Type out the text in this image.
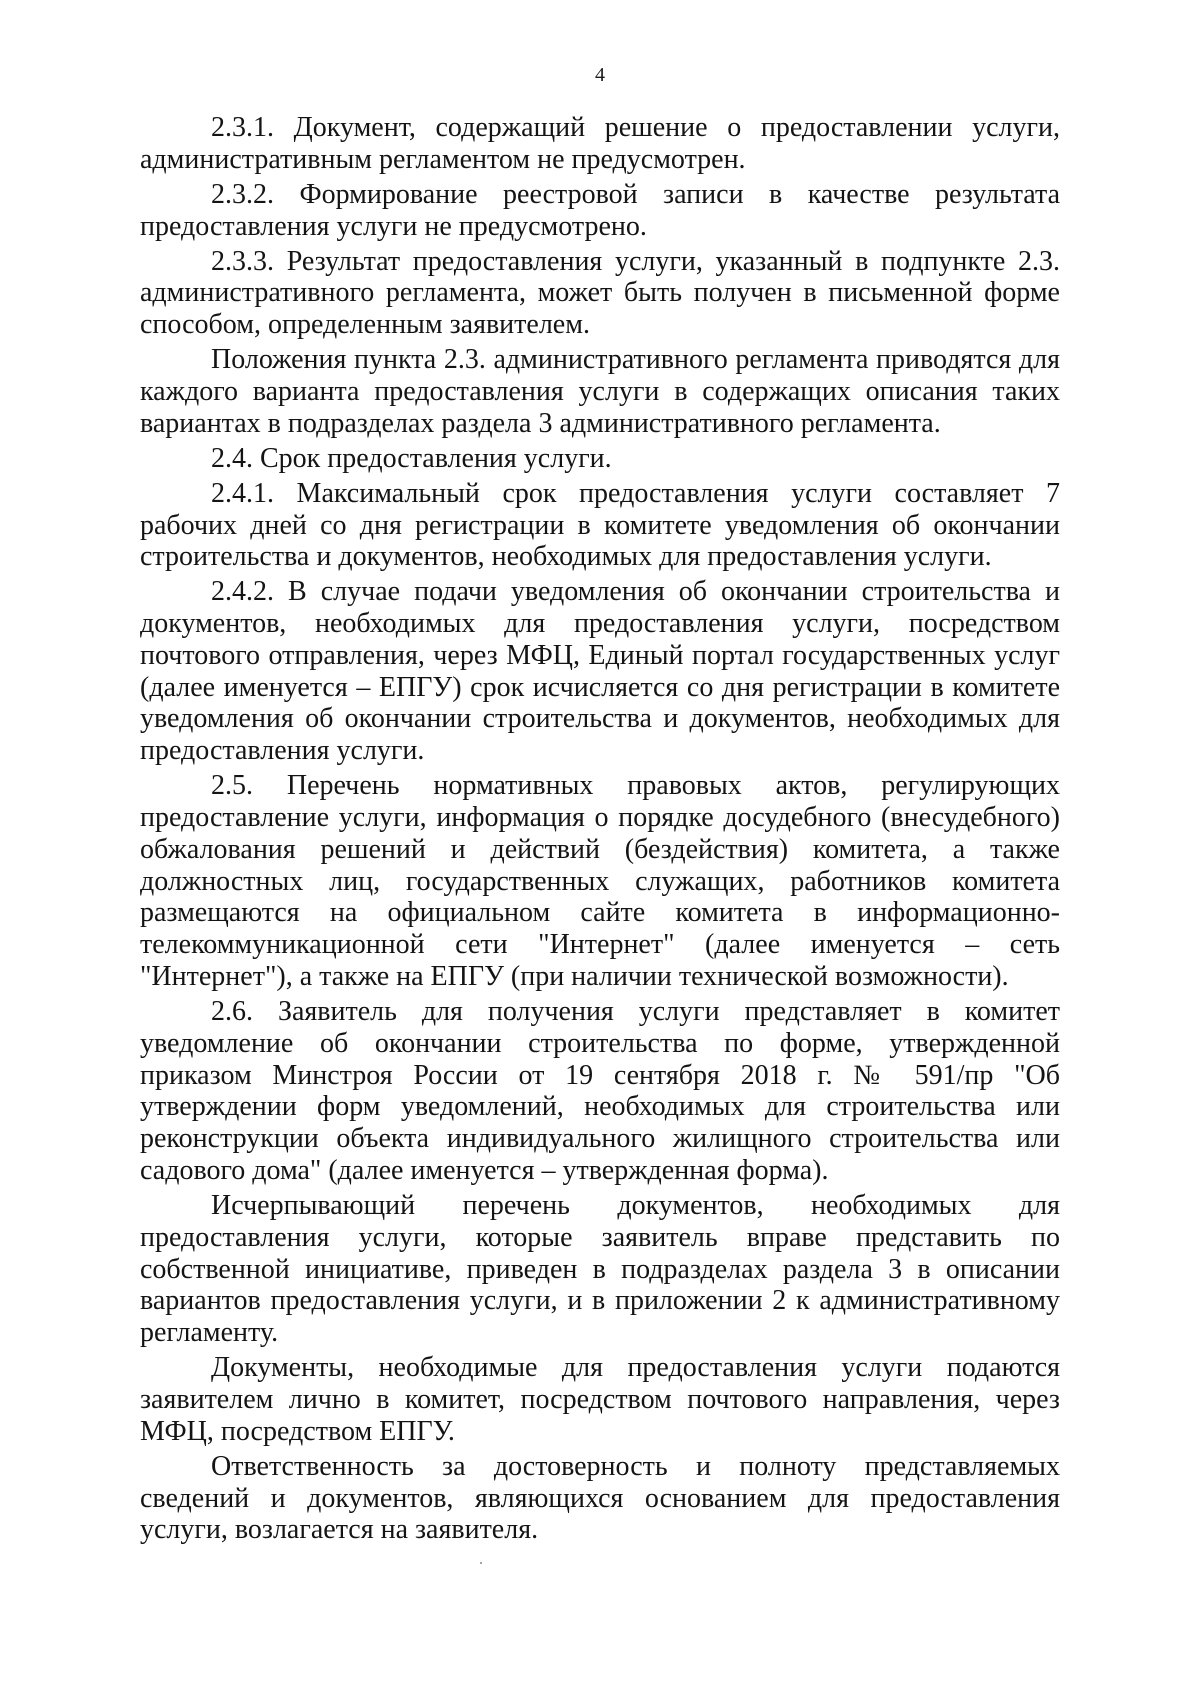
4

2.3.1. Документ, содержащий решение о предоставлении услуги, административным регламентом не предусмотрен.

2.3.2. Формирование реестровой записи в качестве результата предоставления услуги не предусмотрено.

2.3.3. Результат предоставления услуги, указанный в подпункте 2.3. административного регламента, может быть получен в письменной форме способом, определенным заявителем.

Положения пункта 2.3. административного регламента приводятся для каждого варианта предоставления услуги в содержащих описания таких вариантах в подразделах раздела 3 административного регламента.

2.4. Срок предоставления услуги.

2.4.1. Максимальный срок предоставления услуги составляет 7 рабочих дней со дня регистрации в комитете уведомления об окончании строительства и документов, необходимых для предоставления услуги.

2.4.2. В случае подачи уведомления об окончании строительства и документов, необходимых для предоставления услуги, посредством почтового отправления, через МФЦ, Единый портал государственных услуг (далее именуется – ЕПГУ) срок исчисляется со дня регистрации в комитете уведомления об окончании строительства и документов, необходимых для предоставления услуги.

2.5. Перечень нормативных правовых актов, регулирующих предоставление услуги, информация о порядке досудебного (внесудебного) обжалования решений и действий (бездействия) комитета, а также должностных лиц, государственных служащих, работников комитета размещаются на официальном сайте комитета в информационно-телекоммуникационной сети "Интернет" (далее именуется – сеть "Интернет"), а также на ЕПГУ (при наличии технической возможности).

2.6. Заявитель для получения услуги представляет в комитет уведомление об окончании строительства по форме, утвержденной приказом Минстроя России от 19 сентября 2018 г. № 591/пр "Об утверждении форм уведомлений, необходимых для строительства или реконструкции объекта индивидуального жилищного строительства или садового дома" (далее именуется – утвержденная форма).

Исчерпывающий перечень документов, необходимых для предоставления услуги, которые заявитель вправе представить по собственной инициативе, приведен в подразделах раздела 3 в описании вариантов предоставления услуги, и в приложении 2 к административному регламенту.

Документы, необходимые для предоставления услуги подаются заявителем лично в комитет, посредством почтового направления, через МФЦ, посредством ЕПГУ.

Ответственность за достоверность и полноту представляемых сведений и документов, являющихся основанием для предоставления услуги, возлагается на заявителя.
